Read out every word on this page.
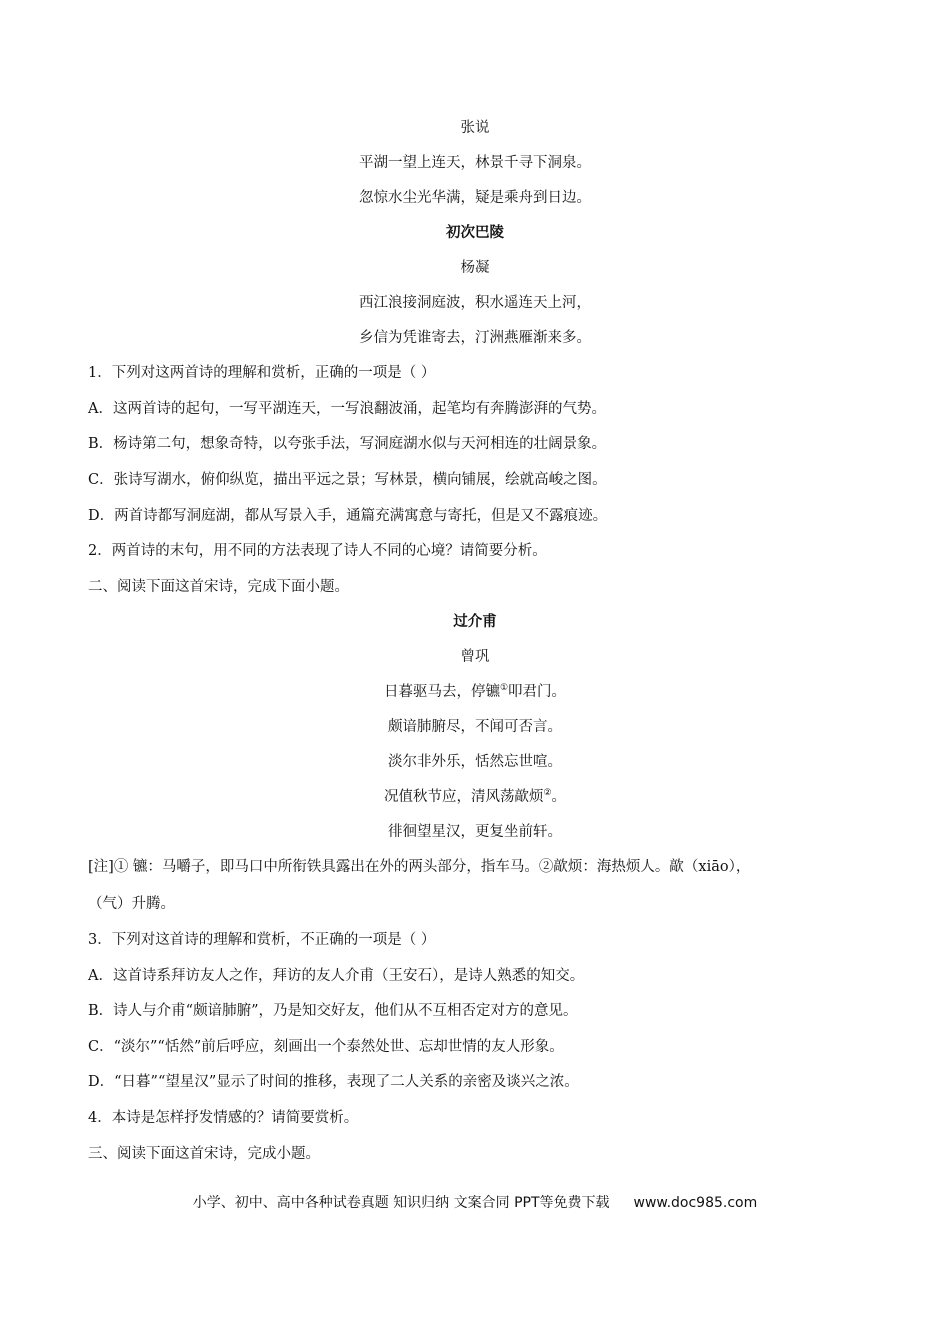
张说
平湖一望上连天，林景千寻下洞泉。
忽惊水尘光华满，疑是乘舟到日边。
初次巴陵
杨凝
西江浪接洞庭波，积水遥连天上河，
乡信为凭谁寄去，汀洲燕雁渐来多。
1．下列对这两首诗的理解和赏析，正确的一项是（ ）
A．这两首诗的起句，一写平湖连天，一写浪翻波涌，起笔均有奔腾澎湃的气势。
B．杨诗第二句，想象奇特，以夸张手法，写洞庭湖水似与天河相连的壮阔景象。
C．张诗写湖水，俯仰纵览，描出平远之景；写林景，横向铺展，绘就高峻之图。
D．两首诗都写洞庭湖，都从写景入手，通篇充满寓意与寄托，但是又不露痕迹。
2．两首诗的末句，用不同的方法表现了诗人不同的心境？请简要分析。
二、阅读下面这首宋诗，完成下面小题。
过介甫
曾巩
日暮驱马去，停镳①叩君门。
颇谙肺腑尽，不闻可否言。
淡尔非外乐，恬然忘世喧。
况值秋节应，清风荡歊烦②。
徘徊望星汉，更复坐前轩。
[注]① 镳：马嚼子，即马口中所衔铁具露出在外的两头部分，指车马。②歊烦：海热烦人。歊（xiāo），
（气）升腾。
3．下列对这首诗的理解和赏析，不正确的一项是（ ）
A．这首诗系拜访友人之作，拜访的友人介甫（王安石），是诗人熟悉的知交。
B．诗人与介甫“颇谙肺腑”，乃是知交好友，他们从不互相否定对方的意见。
C．“淡尔”“恬然”前后呼应，刻画出一个泰然处世、忘却世情的友人形象。
D．“日暮”“望星汉”显示了时间的推移，表现了二人关系的亲密及谈兴之浓。
4．本诗是怎样抒发情感的？请简要赏析。
三、阅读下面这首宋诗，完成小题。
小学、初中、高中各种试卷真题 知识归纳 文案合同 PPT等免费下载 www.doc985.com
